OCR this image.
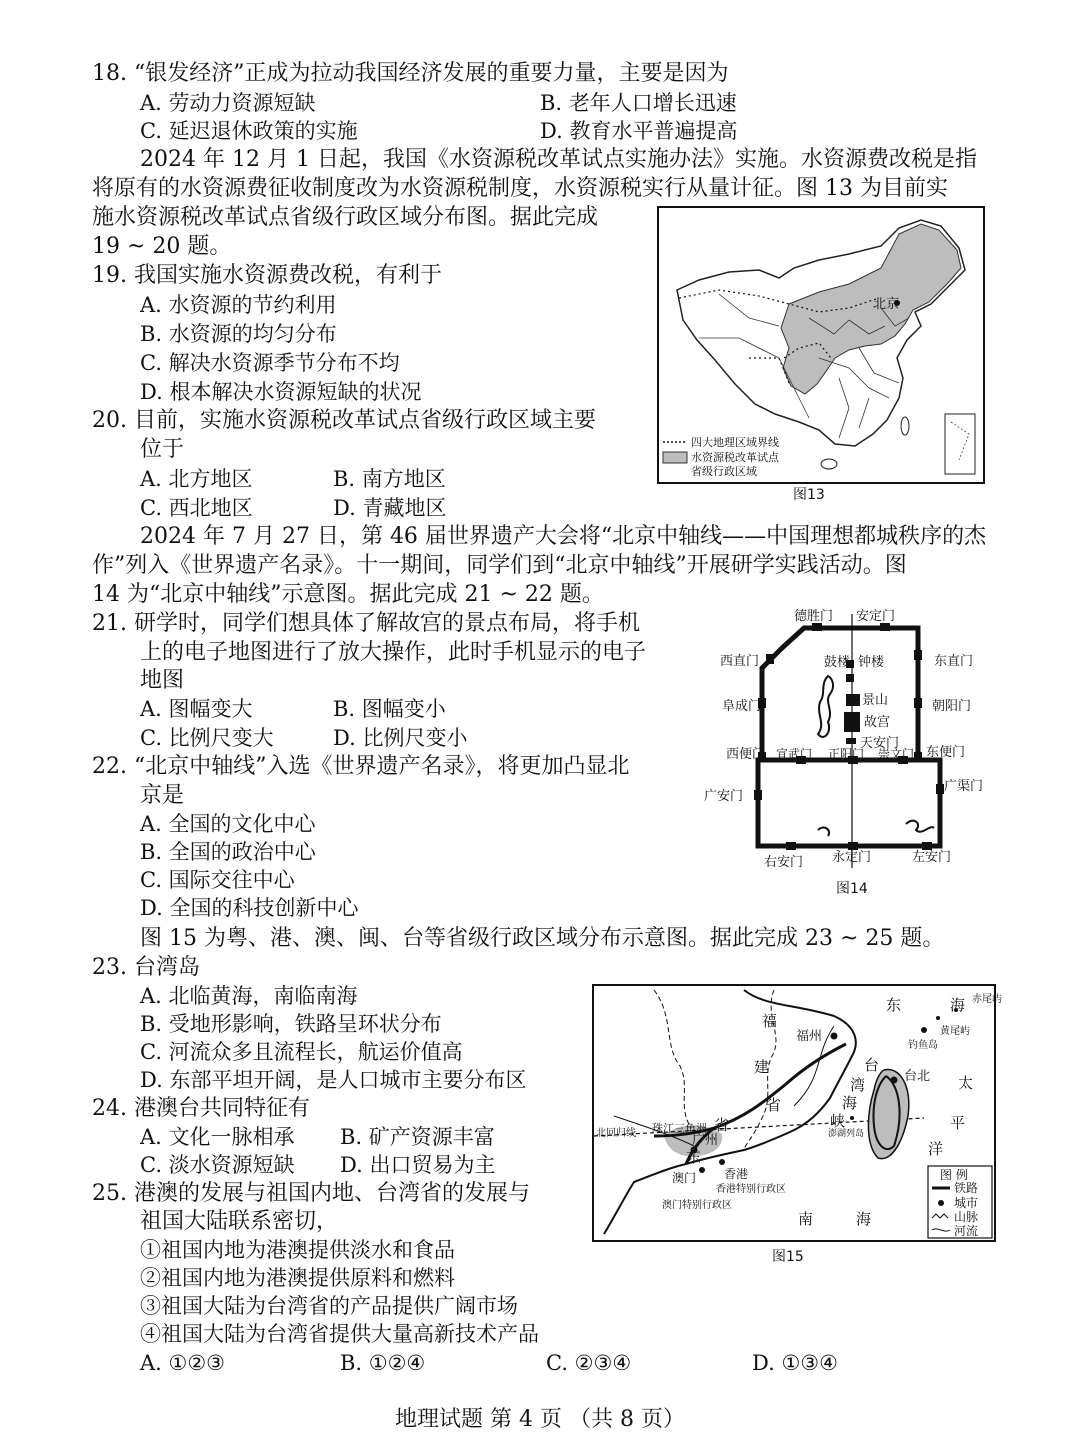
18. “银发经济”正成为拉动我国经济发展的重要力量，主要是因为
A. 劳动力资源短缺	B. 老年人口增长迅速
C. 延迟退休政策的实施	D. 教育水平普遍提高
2024 年 12 月 1 日起，我国《水资源税改革试点实施办法》实施。水资源费改税是指
将原有的水资源费征收制度改为水资源税制度，水资源税实行从量计征。图 13 为目前实
施水资源税改革试点省级行政区域分布图。据此完成
19 ~ 20 题。
19. 我国实施水资源费改税，有利于
A. 水资源的节约利用
B. 水资源的均匀分布
C. 解决水资源季节分布不均
D. 根本解决水资源短缺的状况
20. 目前，实施水资源税改革试点省级行政区域主要
位于
A. 北方地区	B. 南方地区
C. 西北地区	D. 青藏地区
北京
四大地理区域界线
水资源税改革试点
省级行政区域
图13
2024 年 7 月 27 日，第 46 届世界遗产大会将“北京中轴线——中国理想都城秩序的杰
作”列入《世界遗产名录》。十一期间，同学们到“北京中轴线”开展研学实践活动。图
14 为“北京中轴线”示意图。据此完成 21 ~ 22 题。
21. 研学时，同学们想具体了解故宫的景点布局，将手机
上的电子地图进行了放大操作，此时手机显示的电子
地图
A. 图幅变大	B. 图幅变小
C. 比例尺变大	D. 比例尺变小
22. “北京中轴线”入选《世界遗产名录》，将更加凸显北
京是
A. 全国的文化中心
B. 全国的政治中心
C. 国际交往中心
D. 全国的科技创新中心
德胜门 安定门
西直门	东直门
鼓楼 钟楼
阜成门	朝阳门
景山
故宫
天安门
西便门 宣武门 正阳门 崇文门 东便门
广安门
广渠门
右安门 永定门	左安门
图14
图 15 为粤、港、澳、闽、台等省级行政区域分布示意图。据此完成 23 ~ 25 题。
23. 台湾岛
A. 北临黄海，南临南海
B. 受地形影响，铁路呈环状分布
C. 河流众多且流程长，航运价值高
D. 东部平坦开阔，是人口城市主要分布区
24. 港澳台共同特征有
A. 文化一脉相承 B. 矿产资源丰富
C. 淡水资源短缺 D. 出口贸易为主
25. 港澳的发展与祖国内地、台湾省的发展与
祖国大陆联系密切，
①祖国内地为港澳提供淡水和食品
②祖国内地为港澳提供原料和燃料
③祖国大陆为台湾省的产品提供广阔市场
④祖国大陆为台湾省提供大量高新技术产品
A. ①②③	B. ①②④	C. ②③④	D. ①③④
东	海
福
福州
赤尾屿
黄尾屿
钓鱼岛
建	台
台北 太
省
湾
海
峡	平
澎湖列岛
省
洋
北回归线 珠江三角洲
广州
东
澳门 香港
香港特别行政区
澳门特别行政区
南	海
图 例
铁路
城市
山脉
河流
图15
地理试题 第 4 页 （共 8 页）
